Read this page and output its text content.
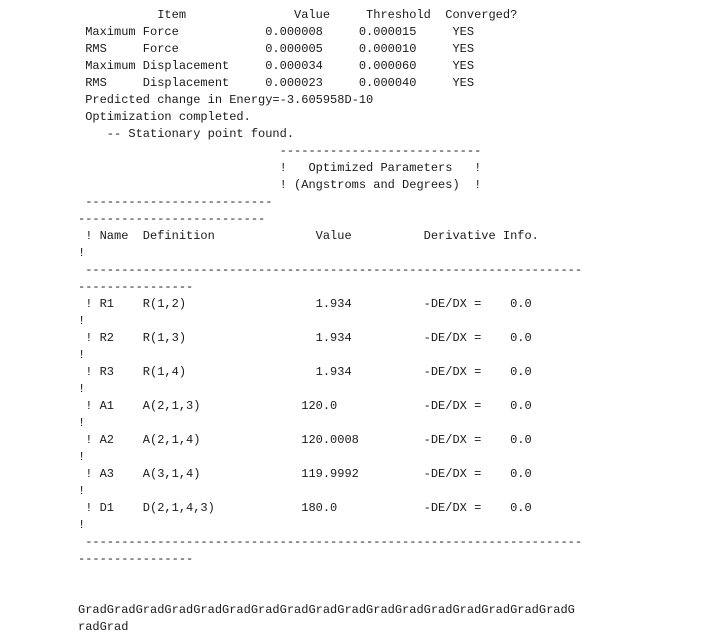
Item               Value     Threshold  Converged?
Maximum Force            0.000008     0.000015     YES
RMS     Force            0.000005     0.000010     YES
Maximum Displacement     0.000034     0.000060     YES
RMS     Displacement     0.000023     0.000040     YES
Predicted change in Energy=-3.605958D-10
Optimization completed.
-- Stationary point found.
----------------------------
!   Optimized Parameters   !
! (Angstroms and Degrees)  !
--------------------------
--------------------------
! Name  Definition              Value          Derivative Info.
!
---------------------------------------------------------------------
----------------
! R1    R(1,2)                  1.934          -DE/DX =    0.0
!
! R2    R(1,3)                  1.934          -DE/DX =    0.0
!
! R3    R(1,4)                  1.934          -DE/DX =    0.0
!
! A1    A(2,1,3)              120.0            -DE/DX =    0.0
!
! A2    A(2,1,4)              120.0008         -DE/DX =    0.0
!
! A3    A(3,1,4)              119.9992         -DE/DX =    0.0
!
! D1    D(2,1,4,3)            180.0            -DE/DX =    0.0
!
---------------------------------------------------------------------
----------------
GradGradGradGradGradGradGradGradGradGradGradGradGradGradGradGradGradG
radGrad
